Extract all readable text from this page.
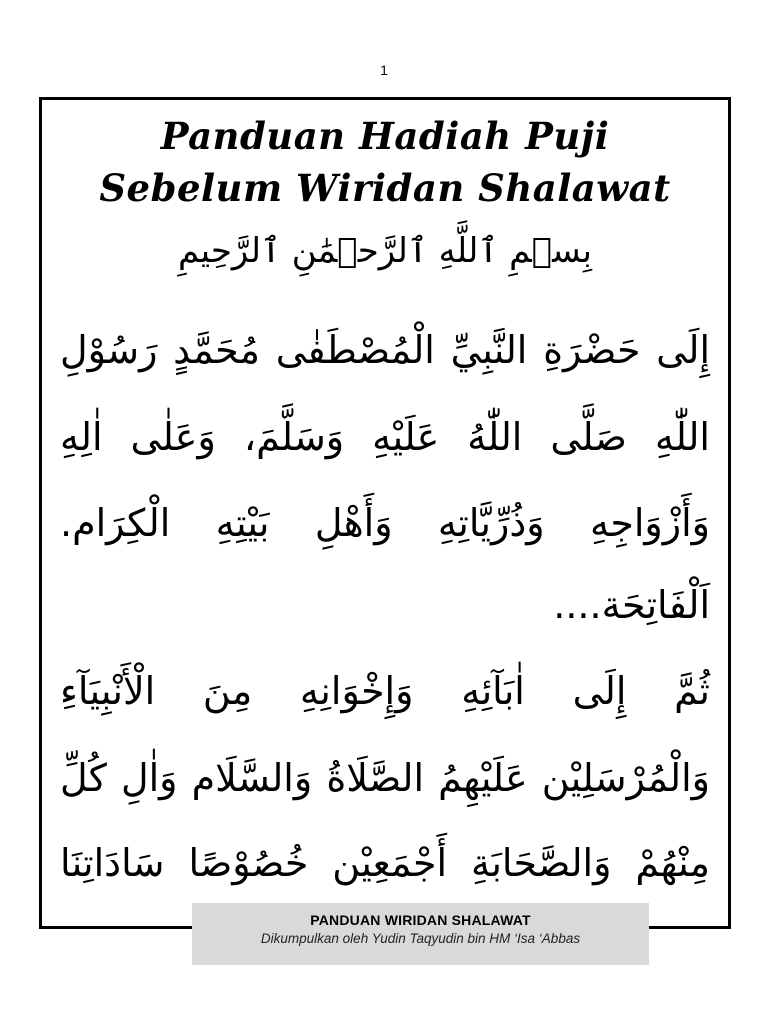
1
Panduan Hadiah Puji
Sebelum Wiridan Shalawat
بِسۡمِ ٱللَّهِ ٱلرَّحۡمَٰنِ ٱلرَّحِيمِ
إِلَى حَضْرَةِ النَّبِيِّ الْمُصْطَفٰى مُحَمَّدٍ رَسُوْلِ
اللّٰهِ صَلَّى اللّٰهُ عَلَيْهِ وَسَلَّمَ، وَعَلٰى اٰلِهِ
وَأَزْوَاجِهِ وَذُرِّيَّاتِهِ وَأَهْلِ بَيْتِهِ الْكِرَام.
اَلْفَاتِحَة....
ثُمَّ إِلَى اٰبَآئِهِ وَإِخْوَانِهِ مِنَ الْأَنْبِيَآءِ
وَالْمُرْسَلِيْن عَلَيْهِمُ الصَّلَاةُ وَالسَّلَام وَاٰلِ كُلِّ
مِنْهُمْ وَالصَّحَابَةِ أَجْمَعِيْن خُصُوْصًا سَادَاتِنَا
PANDUAN WIRIDAN SHALAWAT
Dikumpulkan oleh Yudin Taqyudin bin HM ‘Isa ‘Abbas
